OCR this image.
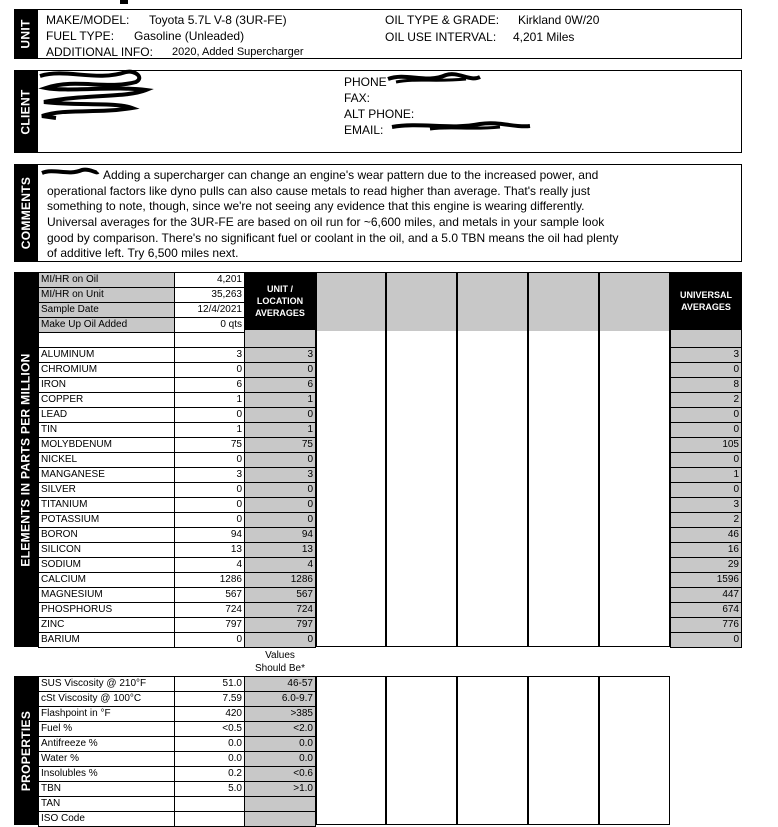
UNIT MAKE/MODEL: Toyota 5.7L V-8 (3UR-FE)
FUEL TYPE: Gasoline (Unleaded)
ADDITIONAL INFO: 2020, Added Supercharger
OIL TYPE & GRADE: Kirkland 0W/20
OIL USE INTERVAL: 4,201 Miles
CLIENT
PHONE
FAX:
ALT PHONE:
EMAIL:
COMMENTS
Adding a supercharger can change an engine's wear pattern due to the increased power, and
operational factors like dyno pulls can also cause metals to read higher than average. That's really just
something to note, though, since we're not seeing any evidence that this engine is wearing differently.
Universal averages for the 3UR-FE are based on oil run for ~6,600 miles, and metals in your sample look
good by comparison. There's no significant fuel or coolant in the oil, and a 5.0 TBN means the oil had plenty
of additive left. Try 6,500 miles next.
ELEMENTS IN PARTS PER MILLION
Values
Should Be*
PROPERTIES
UNIT / LOCATION AVERAGES
UNIVERSAL AVERAGES
MI/HR on Oil	4,201
MI/HR on Unit	35,263
Sample Date	12/4/2021
Make Up Oil Added	0 qts
ALUMINUM	3	3	3
CHROMIUM	0	0	0
IRON	6	6	8
COPPER	1	1	2
LEAD	0	0	0
TIN	1	1	0
MOLYBDENUM	75	75	105
NICKEL	0	0	0
MANGANESE	3	3	1
SILVER	0	0	0
TITANIUM	0	0	3
POTASSIUM	0	0	2
BORON	94	94	46
SILICON	13	13	16
SODIUM	4	4	29
CALCIUM	1286	1286	1596
MAGNESIUM	567	567	447
PHOSPHORUS	724	724	674
ZINC	797	797	776
BARIUM	0	0	0
SUS Viscosity @ 210°F	51.0	46-57
cSt Viscosity @ 100°C	7.59	6.0-9.7
Flashpoint in °F	420	>385
Fuel %	<0.5	<2.0
Antifreeze %	0.0	0.0
Water %	0.0	0.0
Insolubles %	0.2	<0.6
TBN	5.0	>1.0
TAN
ISO Code
